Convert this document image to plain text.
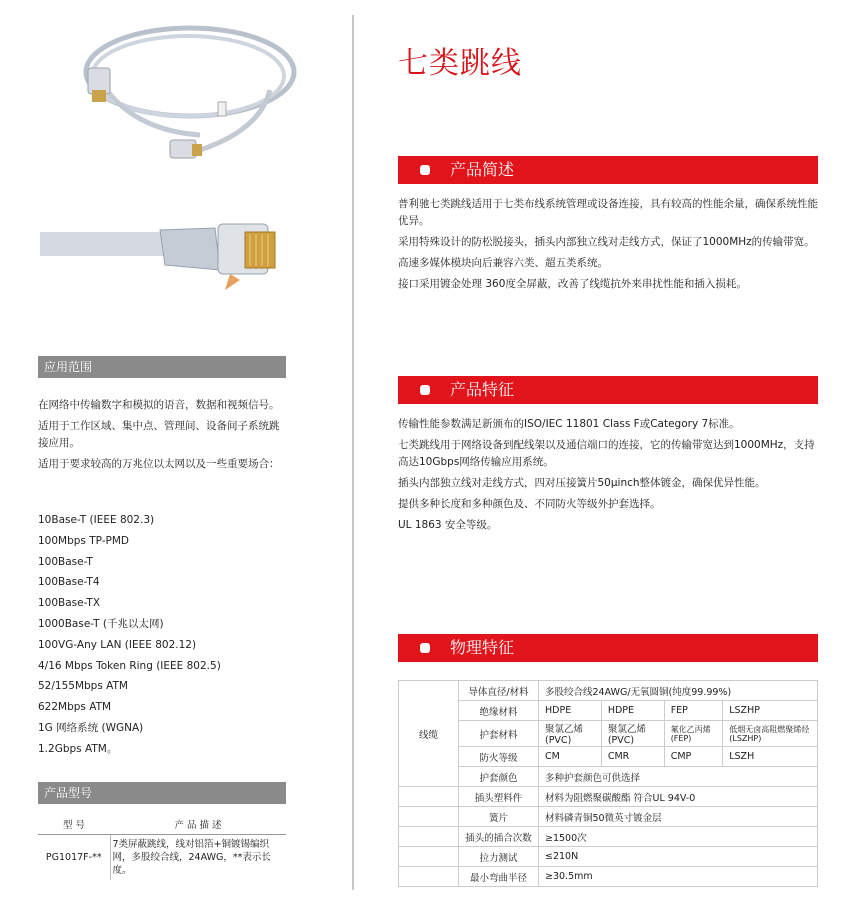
应用范围

在网络中传输数字和模拟的语音，数据和视频信号。

适用于工作区域、集中点、管理间、设备间子系统跳接应用。

适用于要求较高的万兆位以太网以及一些重要场合：

10Base-T (IEEE 802.3)
100Mbps TP-PMD
100Base-T
100Base-T4
100Base-TX
1000Base-T (千兆以太网)
100VG-Any LAN (IEEE 802.12)
4/16 Mbps Token Ring (IEEE 802.5)
52/155Mbps ATM
622Mbps ATM
1G 网络系统 (WGNA)
1.2Gbps ATM。
产品型号
型 号	产 品 描 述
PG1017F-**	7类屏蔽跳线，线对铝箔+铜镀锡编织网，多股绞合线，24AWG，**表示长度。
七类跳线
产品简述

普利驰七类跳线适用于七类布线系统管理或设备连接，具有较高的性能余量，确保系统性能优异。

采用特殊设计的防松脱接头，插头内部独立线对走线方式，保证了1000MHz的传输带宽。

高速多媒体模块向后兼容六类、超五类系统。

接口采用镀金处理 360度全屏蔽，改善了线缆抗外来串扰性能和插入损耗。

产品特征

传输性能参数满足新颁布的ISO/IEC 11801 Class F或Category 7标准。

七类跳线用于网络设备到配线架以及通信端口的连接，它的传输带宽达到1000MHz，支持高达10Gbps网络传输应用系统。

插头内部独立线对走线方式，四对压接簧片50μinch整体镀金，确保优异性能。

提供多种长度和多种颜色及、不同防火等级外护套选择。

UL 1863 安全等级。

物理特征
线缆	导体直径/材料	多股绞合线24AWG/无氧圆铜(纯度99.99%)			
	绝缘材料	HDPE	HDPE	FEP	LSZHP
	护套材料	聚氯乙烯(PVC)	聚氯乙烯(PVC)	氟化乙丙烯(FEP)	低烟无卤高阻燃聚烯烃(LSZHP)
	防火等级	CM	CMR	CMP	LSZH
	护套颜色	多种护套颜色可供选择			
	插头塑料件	材料为阻燃聚碳酸酯 符合UL 94V-0			
	簧片	材料磷青铜50微英寸镀金层			
	插头的插合次数	≥1500次			
	拉力测试	≤210N			
	最小弯曲半径	≥30.5mm			
